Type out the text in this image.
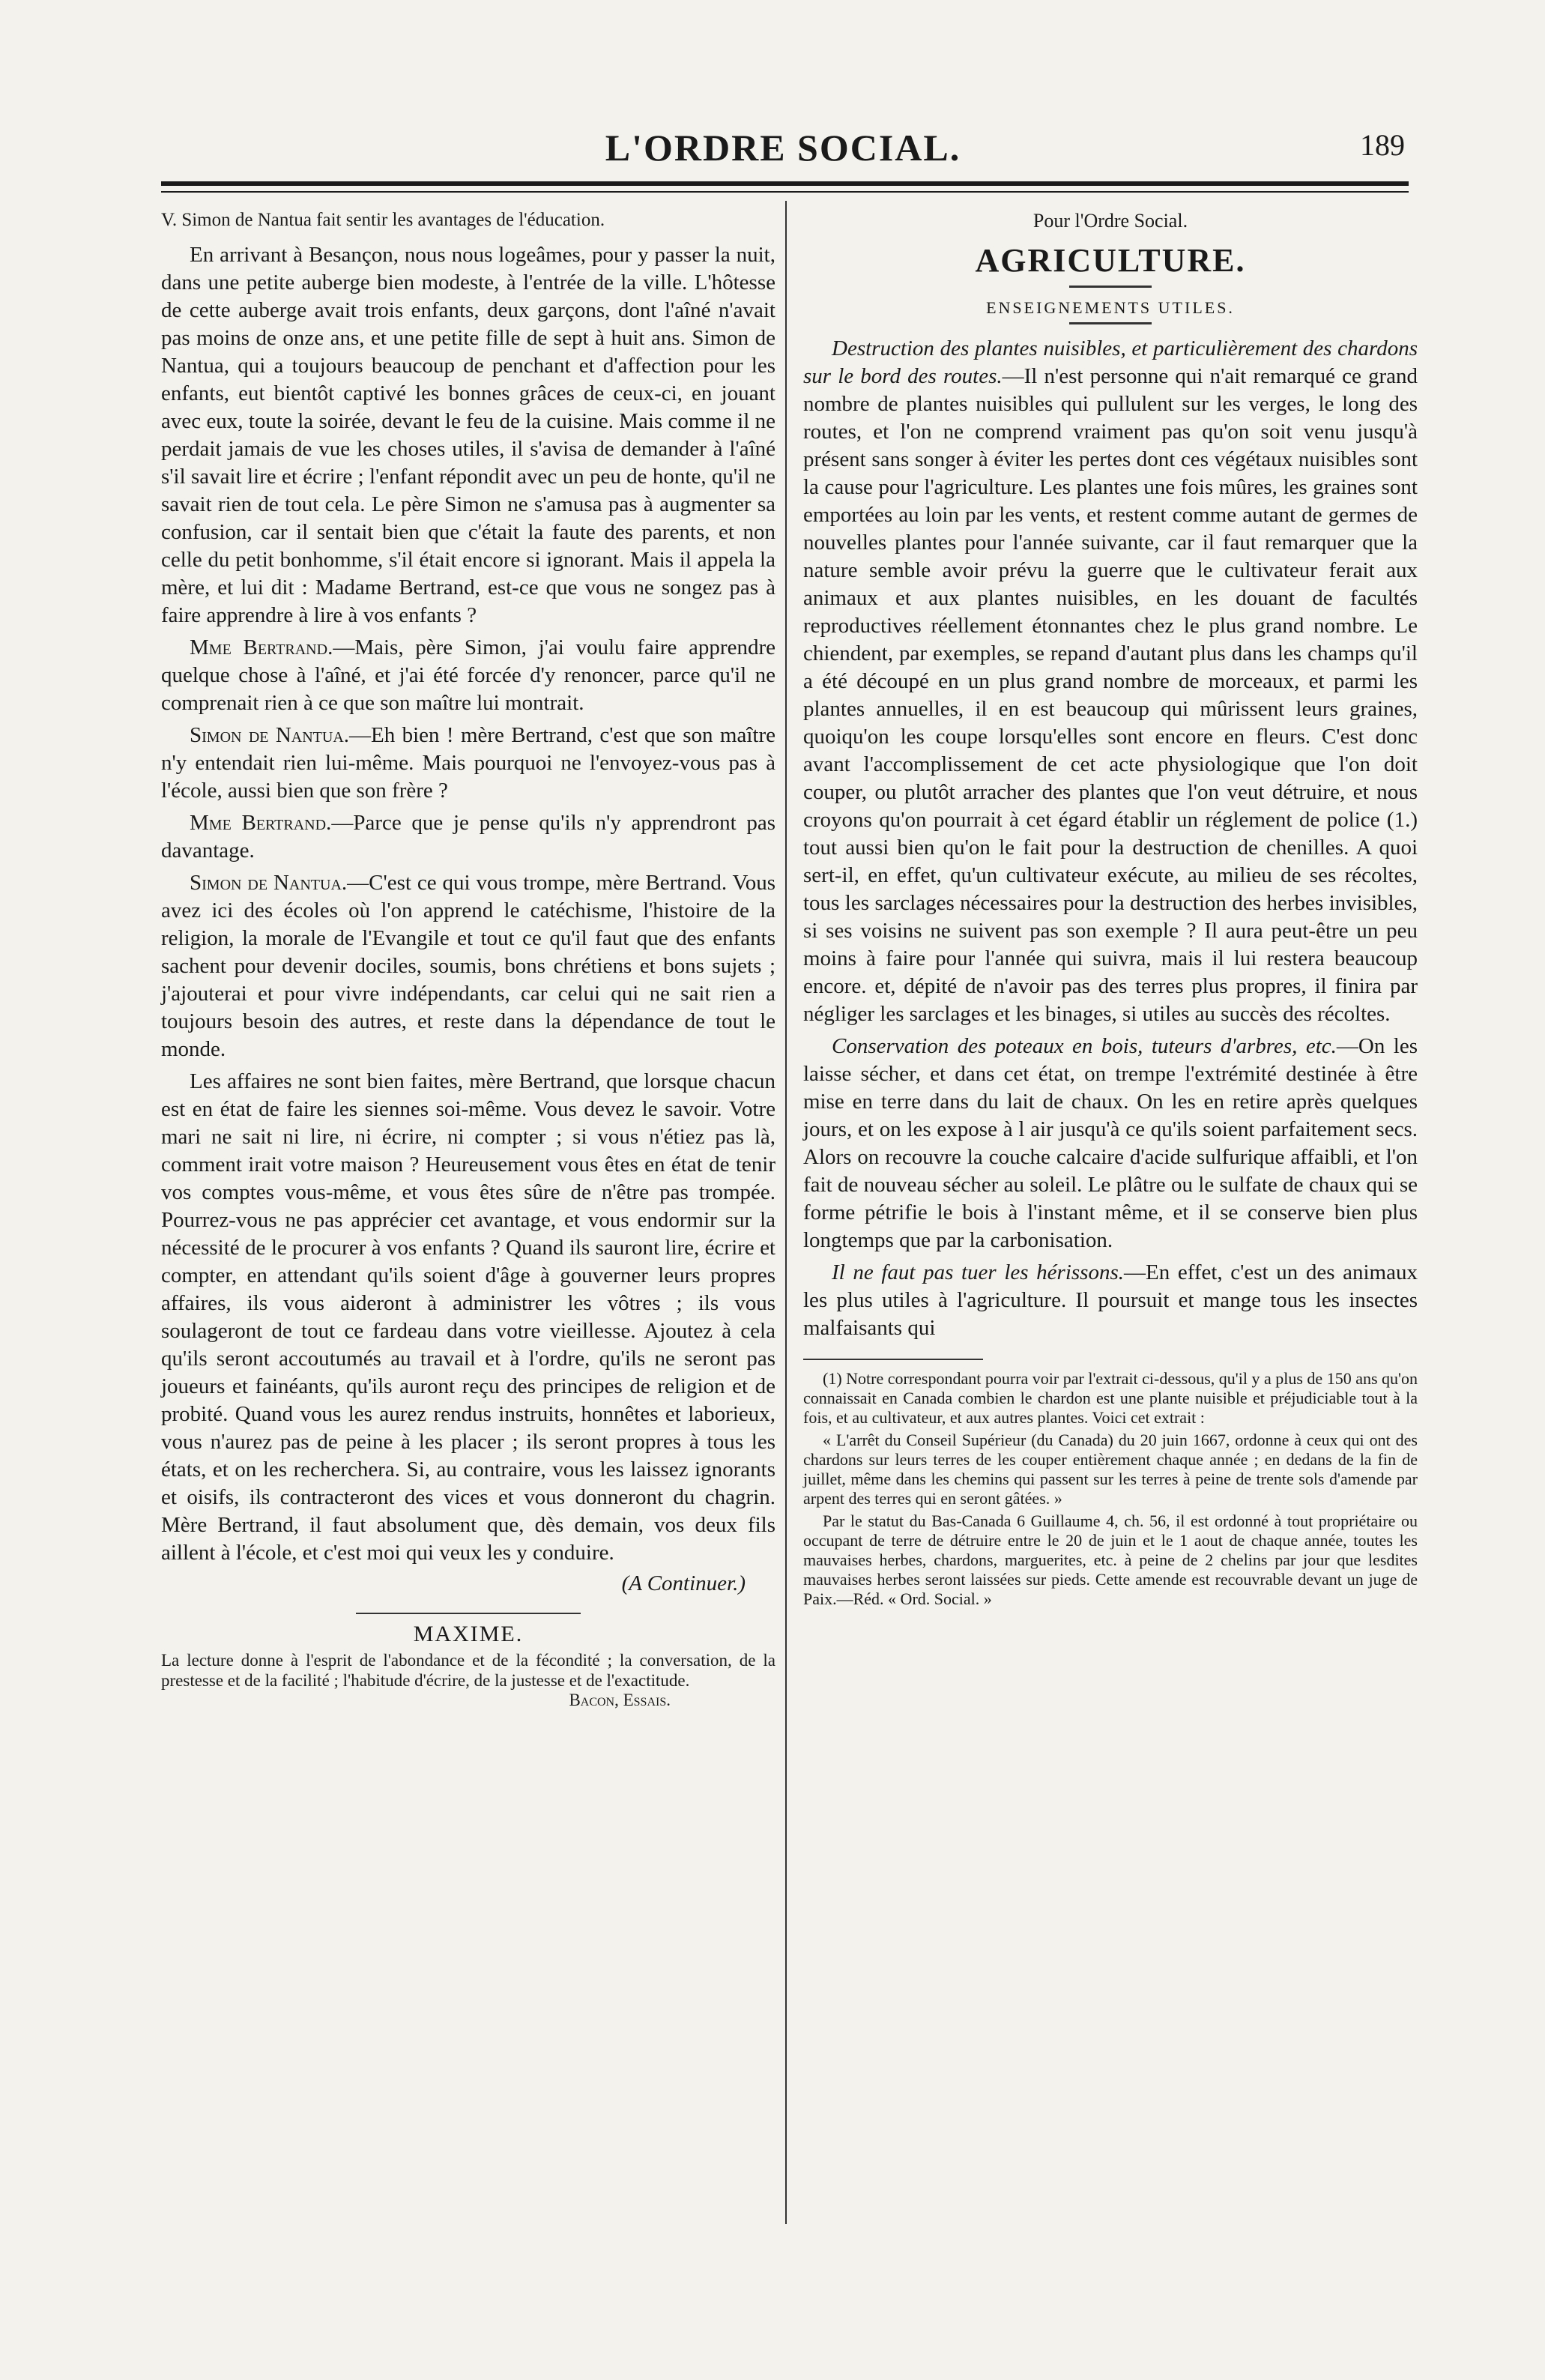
L'ORDRE SOCIAL.	189
V. Simon de Nantua fait sentir les avantages de l'éducation.

En arrivant à Besançon, nous nous logeâmes, pour y passer la nuit, dans une petite auberge bien modeste, à l'entrée de la ville. L'hôtesse de cette auberge avait trois enfants, deux garçons, dont l'aîné n'avait pas moins de onze ans, et une petite fille de sept à huit ans. Simon de Nantua, qui a toujours beaucoup de penchant et d'affection pour les enfants, eut bientôt captivé les bonnes grâces de ceux-ci, en jouant avec eux, toute la soirée, devant le feu de la cuisine. Mais comme il ne perdait jamais de vue les choses utiles, il s'avisa de demander à l'aîné s'il savait lire et écrire ; l'enfant répondit avec un peu de honte, qu'il ne savait rien de tout cela. Le père Simon ne s'amusa pas à augmenter sa confusion, car il sentait bien que c'était la faute des parents, et non celle du petit bonhomme, s'il était encore si ignorant. Mais il appela la mère, et lui dit : Madame Bertrand, est-ce que vous ne songez pas à faire apprendre à lire à vos enfants ?

Mme Bertrand.—Mais, père Simon, j'ai voulu faire apprendre quelque chose à l'aîné, et j'ai été forcée d'y renoncer, parce qu'il ne comprenait rien à ce que son maître lui montrait.

Simon de Nantua.—Eh bien ! mère Bertrand, c'est que son maître n'y entendait rien lui-même. Mais pourquoi ne l'envoyez-vous pas à l'école, aussi bien que son frère ?

Mme Bertrand.—Parce que je pense qu'ils n'y apprendront pas davantage.

Simon de Nantua.—C'est ce qui vous trompe, mère Bertrand. Vous avez ici des écoles où l'on apprend le catéchisme, l'histoire de la religion, la morale de l'Evangile et tout ce qu'il faut que des enfants sachent pour devenir dociles, soumis, bons chrétiens et bons sujets ; j'ajouterai et pour vivre indépendants, car celui qui ne sait rien a toujours besoin des autres, et reste dans la dépendance de tout le monde.

Les affaires ne sont bien faites, mère Bertrand, que lorsque chacun est en état de faire les siennes soi-même. Vous devez le savoir. Votre mari ne sait ni lire, ni écrire, ni compter ; si vous n'étiez pas là, comment irait votre maison ? Heureusement vous êtes en état de tenir vos comptes vous-même, et vous êtes sûre de n'être pas trompée. Pourrez-vous ne pas apprécier cet avantage, et vous endormir sur la nécessité de le procurer à vos enfants ? Quand ils sauront lire, écrire et compter, en attendant qu'ils soient d'âge à gouverner leurs propres affaires, ils vous aideront à administrer les vôtres ; ils vous soulageront de tout ce fardeau dans votre vieillesse. Ajoutez à cela qu'ils seront accoutumés au travail et à l'ordre, qu'ils ne seront pas joueurs et fainéants, qu'ils auront reçu des principes de religion et de probité. Quand vous les aurez rendus instruits, honnêtes et laborieux, vous n'aurez pas de peine à les placer ; ils seront propres à tous les états, et on les recherchera. Si, au contraire, vous les laissez ignorants et oisifs, ils contracteront des vices et vous donneront du chagrin. Mère Bertrand, il faut absolument que, dès demain, vos deux fils aillent à l'école, et c'est moi qui veux les y conduire.

(A Continuer.)
MAXIME.
La lecture donne à l'esprit de l'abondance et de la fécondité ; la conversation, de la prestesse et de la facilité ; l'habitude d'écrire, de la justesse et de l'exactitude.
Bacon, Essais.
Pour l'Ordre Social.
AGRICULTURE.
ENSEIGNEMENTS UTILES.

Destruction des plantes nuisibles, et particulièrement des chardons sur le bord des routes.—Il n'est personne qui n'ait remarqué ce grand nombre de plantes nuisibles qui pullulent sur les verges, le long des routes, et l'on ne comprend vraiment pas qu'on soit venu jusqu'à présent sans songer à éviter les pertes dont ces végétaux nuisibles sont la cause pour l'agriculture. Les plantes une fois mûres, les graines sont emportées au loin par les vents, et restent comme autant de germes de nouvelles plantes pour l'année suivante, car il faut remarquer que la nature semble avoir prévu la guerre que le cultivateur ferait aux animaux et aux plantes nuisibles, en les douant de facultés reproductives réellement étonnantes chez le plus grand nombre. Le chiendent, par exemples, se repand d'autant plus dans les champs qu'il a été découpé en un plus grand nombre de morceaux, et parmi les plantes annuelles, il en est beaucoup qui mûrissent leurs graines, quoiqu'on les coupe lorsqu'elles sont encore en fleurs. C'est donc avant l'accomplissement de cet acte physiologique que l'on doit couper, ou plutôt arracher des plantes que l'on veut détruire, et nous croyons qu'on pourrait à cet égard établir un réglement de police (1.) tout aussi bien qu'on le fait pour la destruction de chenilles. A quoi sert-il, en effet, qu'un cultivateur exécute, au milieu de ses récoltes, tous les sarclages nécessaires pour la destruction des herbes invisibles, si ses voisins ne suivent pas son exemple ? Il aura peut-être un peu moins à faire pour l'année qui suivra, mais il lui restera beaucoup encore. et, dépité de n'avoir pas des terres plus propres, il finira par négliger les sarclages et les binages, si utiles au succès des récoltes.

Conservation des poteaux en bois, tuteurs d'arbres, etc.—On les laisse sécher, et dans cet état, on trempe l'extrémité destinée à être mise en terre dans du lait de chaux. On les en retire après quelques jours, et on les expose à l air jusqu'à ce qu'ils soient parfaitement secs. Alors on recouvre la couche calcaire d'acide sulfurique affaibli, et l'on fait de nouveau sécher au soleil. Le plâtre ou le sulfate de chaux qui se forme pétrifie le bois à l'instant même, et il se conserve bien plus longtemps que par la carbonisation.

Il ne faut pas tuer les hérissons.—En effet, c'est un des animaux les plus utiles à l'agriculture. Il poursuit et mange tous les insectes malfaisants qui

(1) Notre correspondant pourra voir par l'extrait ci-dessous, qu'il y a plus de 150 ans qu'on connaissait en Canada combien le chardon est une plante nuisible et préjudiciable tout à la fois, et au cultivateur, et aux autres plantes. Voici cet extrait :

« L'arrêt du Conseil Supérieur (du Canada) du 20 juin 1667, ordonne à ceux qui ont des chardons sur leurs terres de les couper entièrement chaque année ; en dedans de la fin de juillet, même dans les chemins qui passent sur les terres à peine de trente sols d'amende par arpent des terres qui en seront gâtées. »

Par le statut du Bas-Canada 6 Guillaume 4, ch. 56, il est ordonné à tout propriétaire ou occupant de terre de détruire entre le 20 de juin et le 1 aout de chaque année, toutes les mauvaises herbes, chardons, marguerites, etc. à peine de 2 chelins par jour que lesdites mauvaises herbes seront laissées sur pieds. Cette amende est recouvrable devant un juge de Paix.—Réd. « Ord. Social. »
